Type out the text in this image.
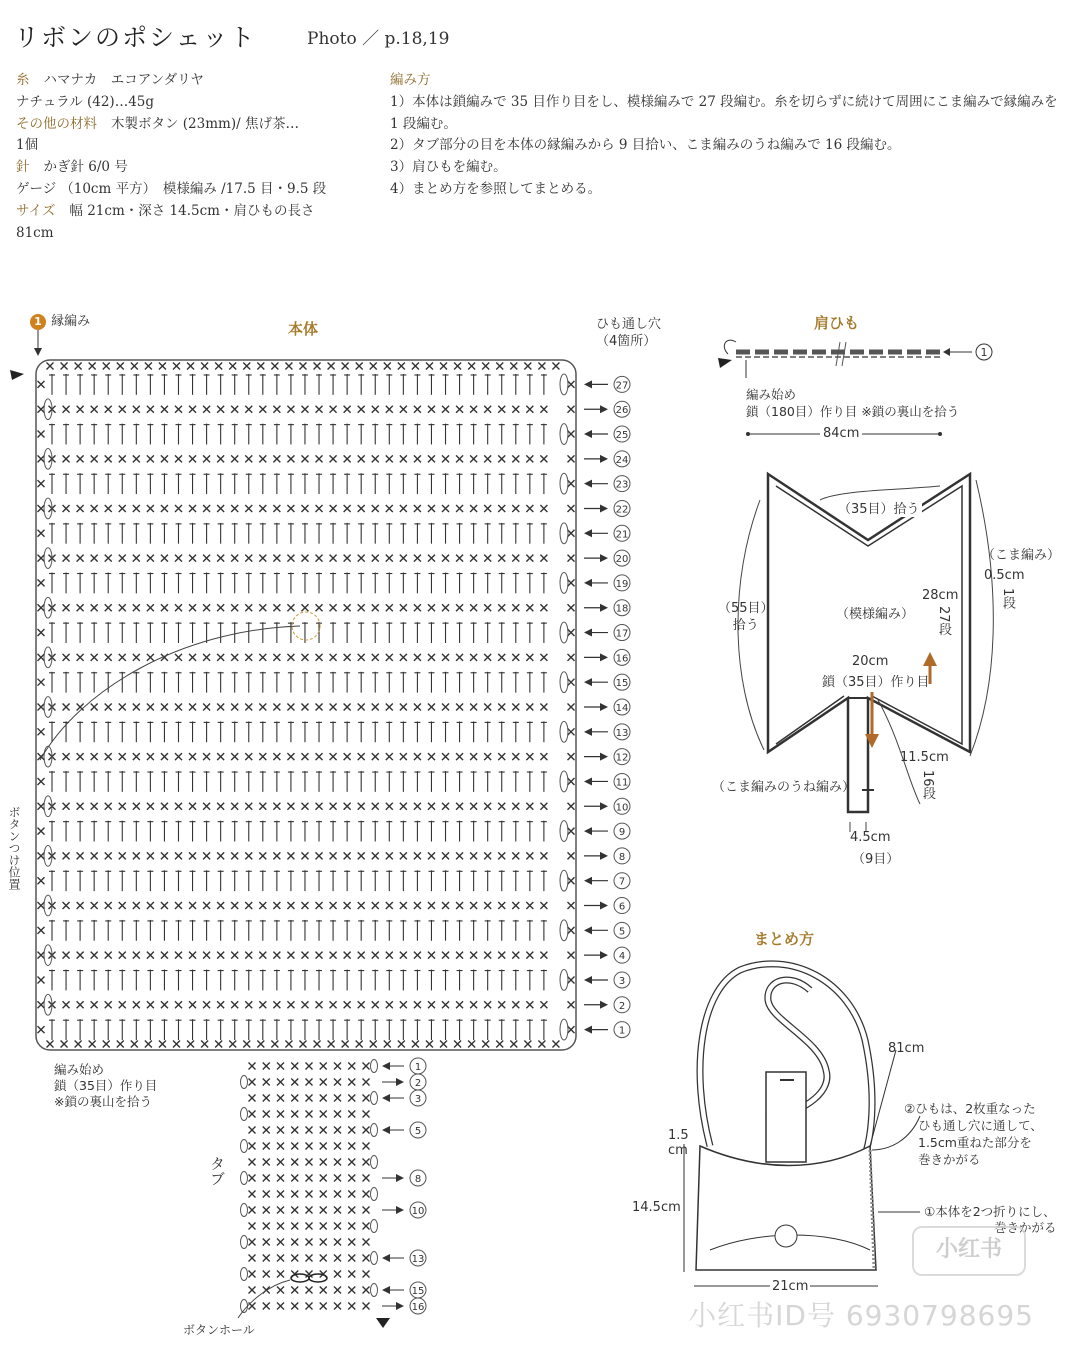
リボンのポシェット	Photo ／ p.18,19
糸 ハマナカ　エコアンダリヤ
ナチュラル (42)…45g
その他の材料 木製ボタン (23mm)/ 焦げ茶…
1個
針 かぎ針 6/0 号
ゲージ （10cm 平方）　模様編み /17.5 目・9.5 段
サイズ 幅 21cm・深さ 14.5cm・肩ひもの長さ
81cm
編み方
1）本体は鎖編みで 35 目作り目をし、模様編みで 27 段編む。糸を切らずに続けて周囲にこま編みで縁編みを 1 段編む。
2）タブ部分の目を本体の縁編みから 9 目拾い、こま編みのうね編みで 16 段編む。
3）肩ひもを編む。
4）まとめ方を参照してまとめる。
1 縁編み	本体	ひも通し穴
（4箇所）
ボタンつけ位置
編み始め
鎖（35目）作り目
※鎖の裏山を拾う
タブ
ボタンホール
27
26
25
24
23
22
21
20
19
18
17
16
15
14
13
12
11
10
9
8
7
6
5
4
3
2
1
1
2
3
5
8
10
13
15
16
肩ひも
1
編み始め
鎖（180目）作り目 ※鎖の裏山を拾う
84cm
（35目）拾う
（55目）
拾う
（模様編み）
（こま編み）
0.5cm
1段
28cm
27段
20cm
鎖（35目）作り目
（こま編みのうね編み）
11.5cm
16段
4.5cm
（9目）
まとめ方
81cm
②ひもは、2枚重なった
ひも通し穴に通して、
1.5cm重ねた部分を
巻きかがる
1.5
cm
14.5cm
21cm
①本体を2つ折りにし、
巻きかがる
小红书
小红书ID号 6930798695
